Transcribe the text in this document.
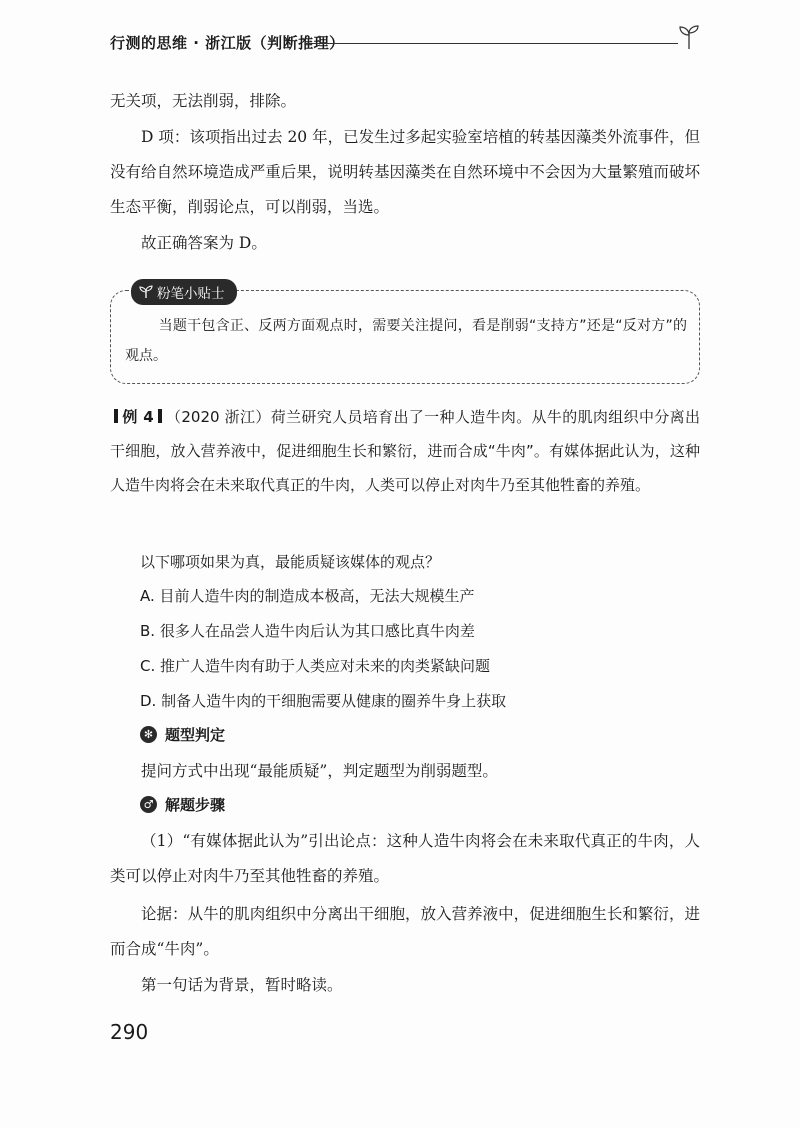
行测的思维 · 浙江版（判断推理）

无关项，无法削弱，排除。

D 项：该项指出过去 20 年，已发生过多起实验室培植的转基因藻类外流事件，但没有给自然环境造成严重后果，说明转基因藻类在自然环境中不会因为大量繁殖而破坏生态平衡，削弱论点，可以削弱，当选。

故正确答案为 D。

粉笔小贴士
当题干包含正、反两方面观点时，需要关注提问，看是削弱“支持方”还是“反对方”的观点。
例 4 （2020 浙江）荷兰研究人员培育出了一种人造牛肉。从牛的肌肉组织中分离出干细胞，放入营养液中，促进细胞生长和繁衍，进而合成“牛肉”。有媒体据此认为，这种人造牛肉将会在未来取代真正的牛肉，人类可以停止对肉牛乃至其他牲畜的养殖。
以下哪项如果为真，最能质疑该媒体的观点？
A. 目前人造牛肉的制造成本极高，无法大规模生产
B. 很多人在品尝人造牛肉后认为其口感比真牛肉差
C. 推广人造牛肉有助于人类应对未来的肉类紧缺问题
D. 制备人造牛肉的干细胞需要从健康的圈养牛身上获取
✻ 题型判定

提问方式中出现“最能质疑”，判定题型为削弱题型。

♂ 解题步骤

（1）“有媒体据此认为”引出论点：这种人造牛肉将会在未来取代真正的牛肉，人类可以停止对肉牛乃至其他牲畜的养殖。

论据：从牛的肌肉组织中分离出干细胞，放入营养液中，促进细胞生长和繁衍，进而合成“牛肉”。

第一句话为背景，暂时略读。

290
